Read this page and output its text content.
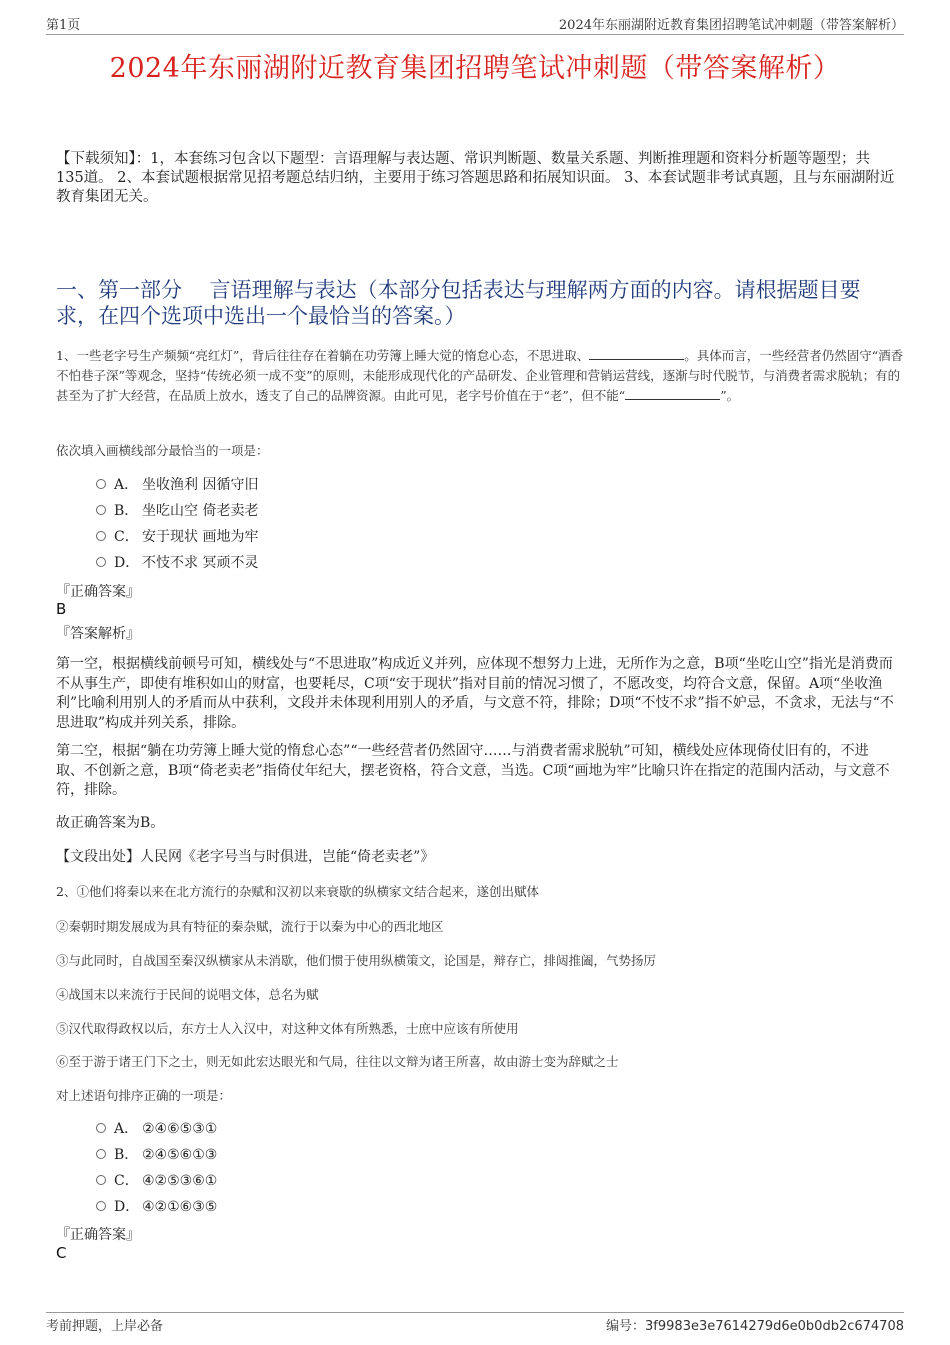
第1页	2024年东丽湖附近教育集团招聘笔试冲刺题（带答案解析）
2024年东丽湖附近教育集团招聘笔试冲刺题（带答案解析）
【下载须知】：1，本套练习包含以下题型：言语理解与表达题、常识判断题、数量关系题、判断推理题和资料分析题等题型；共135道。 2、本套试题根据常见招考题总结归纳，主要用于练习答题思路和拓展知识面。 3、本套试题非考试真题，且与东丽湖附近教育集团无关。
一、第一部分　 言语理解与表达（本部分包括表达与理解两方面的内容。请根据题目要求，在四个选项中选出一个最恰当的答案。）
1、一些老字号生产频频“亮红灯”，背后往往存在着躺在功劳簿上睡大觉的惰怠心态，不思进取、	。具体而言，一些经营者仍然固守“酒香不怕巷子深”等观念，坚持“传统必须一成不变”的原则，未能形成现代化的产品研发、企业管理和营销运营线，逐渐与时代脱节，与消费者需求脱轨；有的甚至为了扩大经营，在品质上放水，透支了自己的品牌资源。由此可见，老字号价值在于“老”，但不能“	”。
依次填入画横线部分最恰当的一项是：
A． 坐收渔利 因循守旧
B． 坐吃山空 倚老卖老
C． 安于现状 画地为牢
D． 不忮不求 冥顽不灵
『正确答案』
B
『答案解析』
第一空，根据横线前顿号可知，横线处与“不思进取”构成近义并列，应体现不想努力上进，无所作为之意，B项“坐吃山空”指光是消费而不从事生产，即使有堆积如山的财富，也要耗尽，C项“安于现状”指对目前的情况习惯了，不愿改变，均符合文意，保留。A项“坐收渔利”比喻利用别人的矛盾而从中获利，文段并未体现利用别人的矛盾，与文意不符，排除；D项“不忮不求”指不妒忌，不贪求，无法与“不思进取”构成并列关系，排除。
第二空，根据“躺在功劳簿上睡大觉的惰怠心态”“一些经营者仍然固守……与消费者需求脱轨”可知，横线处应体现倚仗旧有的，不进取、不创新之意，B项“倚老卖老”指倚仗年纪大，摆老资格，符合文意，当选。C项“画地为牢”比喻只许在指定的范围内活动，与文意不符，排除。
故正确答案为B。
【文段出处】人民网《老字号当与时俱进，岂能“倚老卖老”》
2、①他们将秦以来在北方流行的杂赋和汉初以来衰歇的纵横家文结合起来，遂创出赋体
②秦朝时期发展成为具有特征的秦杂赋，流行于以秦为中心的西北地区
③与此同时，自战国至秦汉纵横家从未消歇，他们惯于使用纵横策文，论国是，辩存亡，排闼推阖，气势扬厉
④战国末以来流行于民间的说唱文体，总名为赋
⑤汉代取得政权以后，东方士人入汉中，对这种文体有所熟悉，士庶中应该有所使用
⑥至于游于诸王门下之士，则无如此宏达眼光和气局，往往以文辩为诸王所喜，故由游士变为辞赋之士
对上述语句排序正确的一项是：
A． ②④⑥⑤③①
B． ②④⑤⑥①③
C． ④②⑤③⑥①
D． ④②①⑥③⑤
『正确答案』
C
考前押题，上岸必备	编号：3f9983e3e7614279d6e0b0db2c674708
